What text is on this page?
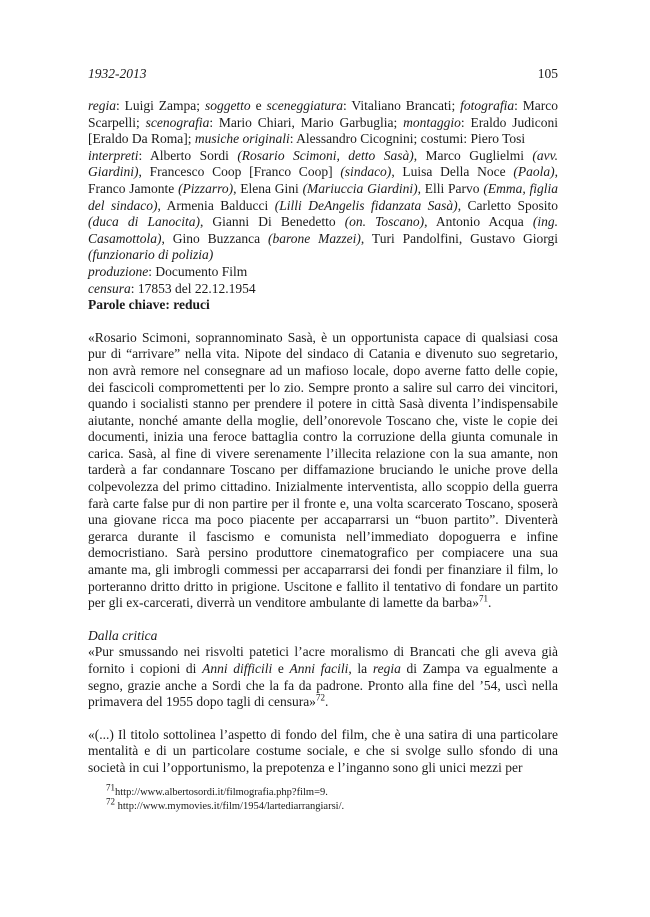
1932-2013	105

regia: Luigi Zampa; soggetto e sceneggiatura: Vitaliano Brancati; fotografia: Marco Scarpelli; scenografia: Mario Chiari, Mario Garbuglia; montaggio: Eraldo Judiconi [Eraldo Da Roma]; musiche originali: Alessandro Cicognini; costumi: Piero Tosi

interpreti: Alberto Sordi (Rosario Scimoni, detto Sasà), Marco Guglielmi (avv. Giardini), Francesco Coop [Franco Coop] (sindaco), Luisa Della Noce (Paola), Franco Jamonte (Pizzarro), Elena Gini (Mariuccia Giardini), Elli Parvo (Emma, figlia del sindaco), Armenia Balducci (Lilli DeAngelis fidanzata Sasà), Carletto Sposito (duca di Lanocita), Gianni Di Benedetto (on. Toscano), Antonio Acqua (ing. Casamottola), Gino Buzzanca (barone Mazzei), Turi Pandolfini, Gustavo Giorgi (funzionario di polizia)

produzione: Documento Film

censura: 17853 del 22.12.1954

Parole chiave: reduci

«Rosario Scimoni, soprannominato Sasà, è un opportunista capace di qualsiasi cosa pur di “arrivare” nella vita. Nipote del sindaco di Catania e divenuto suo segretario, non avrà remore nel consegnare ad un mafioso locale, dopo averne fatto delle copie, dei fascicoli compromettenti per lo zio. Sempre pronto a salire sul carro dei vincitori, quando i socialisti stanno per prendere il potere in città Sasà diventa l’indispensabile aiutante, nonché amante della moglie, dell’onorevole Toscano che, viste le copie dei documenti, inizia una feroce battaglia contro la corruzione della giunta comunale in carica. Sasà, al fine di vivere serenamente l’illecita relazione con la sua amante, non tarderà a far condannare Toscano per diffamazione bruciando le uniche prove della colpevolezza del primo cittadino. Inizialmente interventista, allo scoppio della guerra farà carte false pur di non partire per il fronte e, una volta scarcerato Toscano, sposerà una giovane ricca ma poco piacente per accaparrarsi un “buon partito”. Diventerà gerarca durante il fascismo e comunista nell’immediato dopoguerra e infine democristiano. Sarà persino produttore cinematografico per compiacere una sua amante ma, gli imbrogli commessi per accaparrarsi dei fondi per finanziare il film, lo porteranno dritto dritto in prigione. Uscitone e fallito il tentativo di fondare un partito per gli ex-carcerati, diverrà un venditore ambulante di lamette da barba»$^{71}$.

Dalla critica

«Pur smussando nei risvolti patetici l’acre moralismo di Brancati che gli aveva già fornito i copioni di Anni difficili e Anni facili, la regia di Zampa va egualmente a segno, grazie anche a Sordi che la fa da padrone. Pronto alla fine del ’54, uscì nella primavera del 1955 dopo tagli di censura»$^{72}$.

«(...) Il titolo sottolinea l’aspetto di fondo del film, che è una satira di una particolare mentalità e di un particolare costume sociale, e che si svolge sullo sfondo di una società in cui l’opportunismo, la prepotenza e l’inganno sono gli unici mezzi per

$^{71}$http://www.albertosordi.it/filmografia.php?film=9.
$^{72}$ http://www.mymovies.it/film/1954/lartediarrangiarsi/.
